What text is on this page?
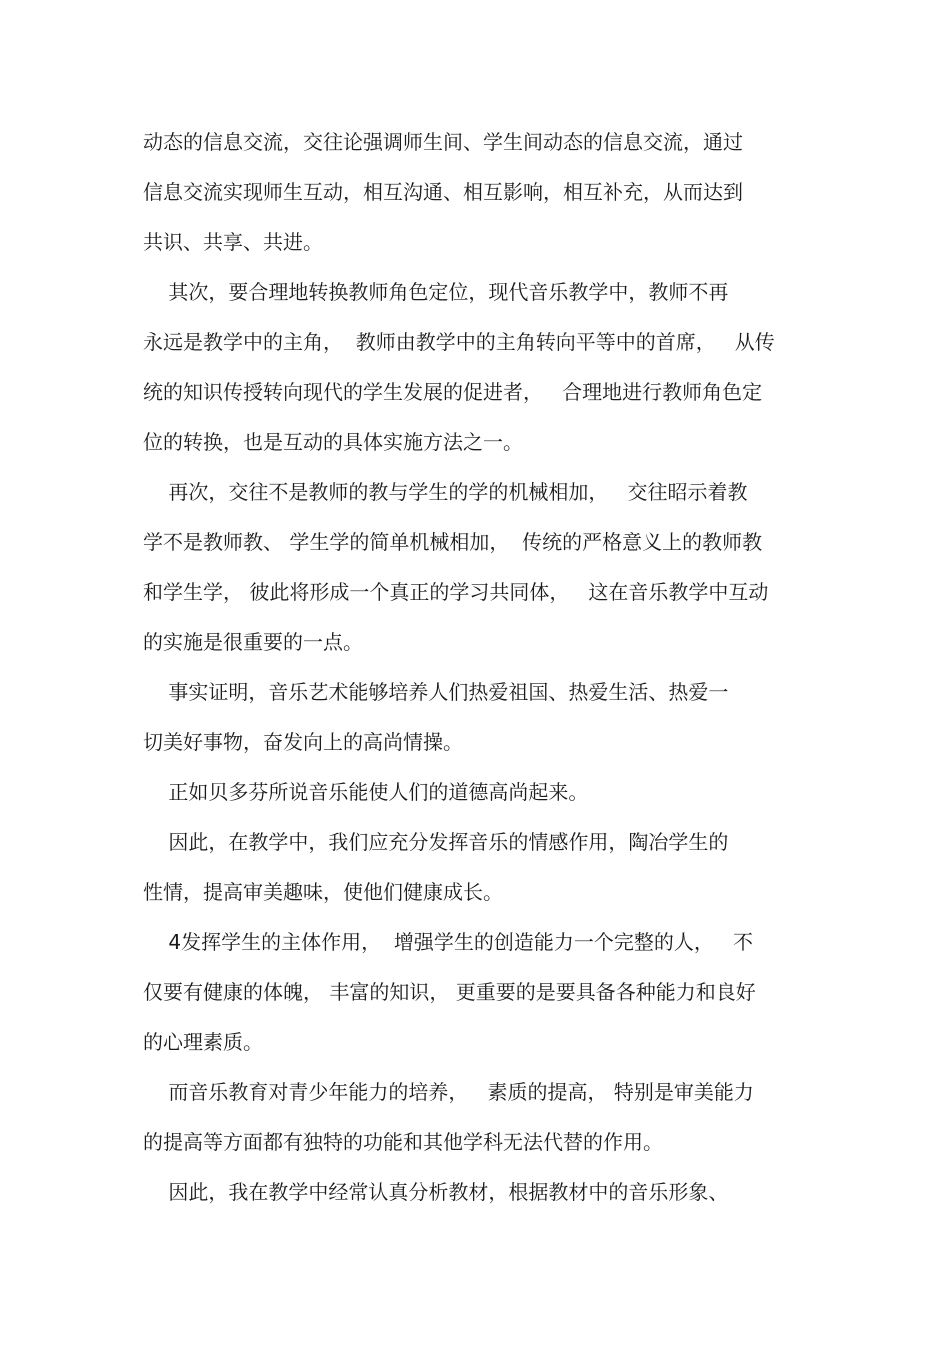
动态的信息交流，交往论强调师生间、学生间动态的信息交流，通过
信息交流实现师生互动，相互沟通、相互影响，相互补充，从而达到
共识、共享、共进。
其次，要合理地转换教师角色定位，现代音乐教学中，教师不再
永远是教学中的主角，  教师由教学中的主角转向平等中的首席，   从传
统的知识传授转向现代的学生发展的促进者，   合理地进行教师角色定
位的转换，也是互动的具体实施方法之一。
再次，交往不是教师的教与学生的学的机械相加，   交往昭示着教
学不是教师教、 学生学的简单机械相加，  传统的严格意义上的教师教
和学生学， 彼此将形成一个真正的学习共同体，   这在音乐教学中互动
的实施是很重要的一点。
事实证明，音乐艺术能够培养人们热爱祖国、热爱生活、热爱一
切美好事物，奋发向上的高尚情操。
正如贝多芬所说音乐能使人们的道德高尚起来。
因此，在教学中，我们应充分发挥音乐的情感作用，陶冶学生的
性情，提高审美趣味，使他们健康成长。
4发挥学生的主体作用，  增强学生的创造能力一个完整的人，   不
仅要有健康的体魄， 丰富的知识， 更重要的是要具备各种能力和良好
的心理素质。
而音乐教育对青少年能力的培养，   素质的提高， 特别是审美能力
的提高等方面都有独特的功能和其他学科无法代替的作用。
因此，我在教学中经常认真分析教材，根据教材中的音乐形象、
